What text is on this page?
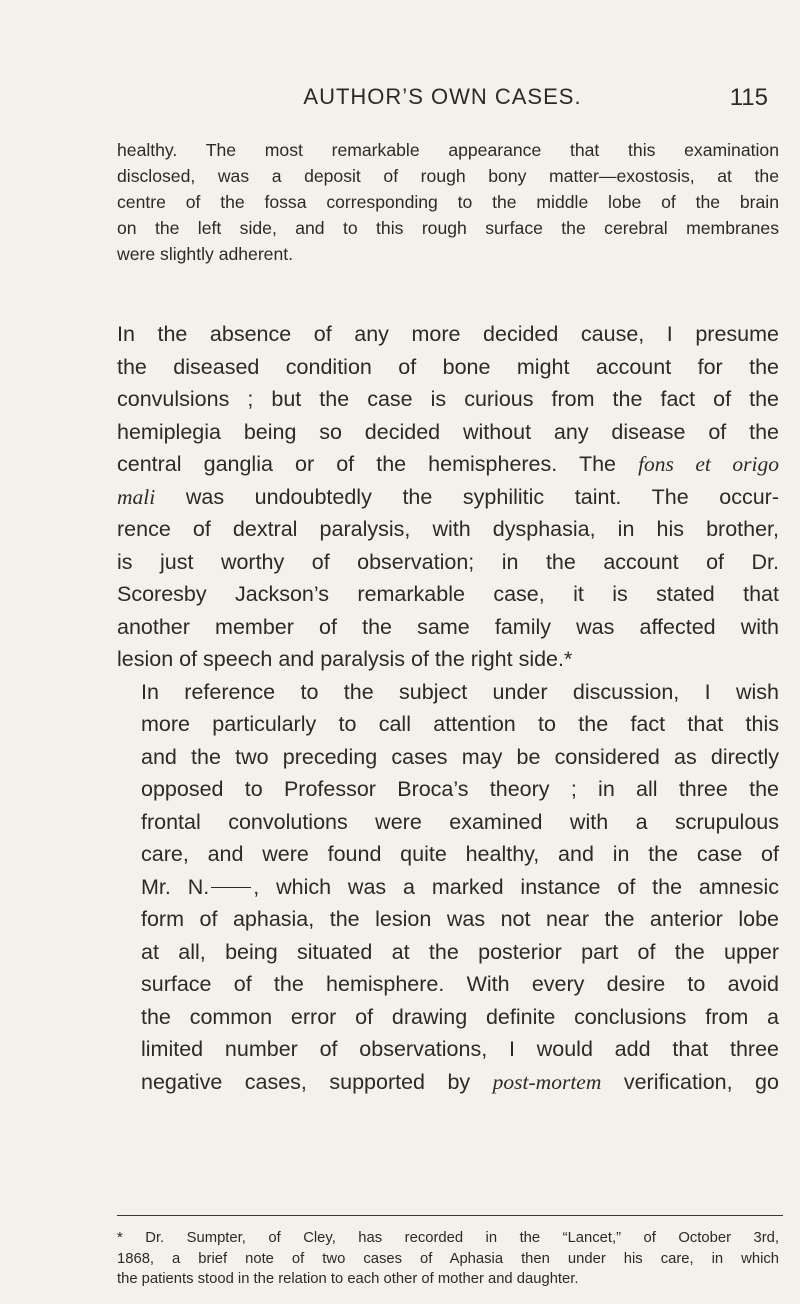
AUTHOR’S OWN CASES.	115
healthy. The most remarkable appearance that this examination
disclosed, was a deposit of rough bony matter—exostosis, at the
centre of the fossa corresponding to the middle lobe of the brain
on the left side, and to this rough surface the cerebral membranes
were slightly adherent.

In the absence of any more decided cause, I presume
the diseased condition of bone might account for the
convulsions ; but the case is curious from the fact of the
hemiplegia being so decided without any disease of the
central ganglia or of the hemispheres. The fons et origo
mali was undoubtedly the syphilitic taint. The occur-
rence of dextral paralysis, with dysphasia, in his brother,
is just worthy of observation; in the account of Dr.
Scoresby Jackson’s remarkable case, it is stated that
another member of the same family was affected with
lesion of speech and paralysis of the right side.*

In reference to the subject under discussion, I wish
more particularly to call attention to the fact that this
and the two preceding cases may be considered as directly
opposed to Professor Broca’s theory ; in all three the
frontal convolutions were examined with a scrupulous
care, and were found quite healthy, and in the case of
Mr. N. , which was a marked instance of the amnesic
form of aphasia, the lesion was not near the anterior lobe
at all, being situated at the posterior part of the upper
surface of the hemisphere. With every desire to avoid
the common error of drawing definite conclusions from a
limited number of observations, I would add that three
negative cases, supported by post-mortem verification, go

* Dr. Sumpter, of Cley, has recorded in the “Lancet,” of October 3rd,
1868, a brief note of two cases of Aphasia then under his care, in which
the patients stood in the relation to each other of mother and daughter.
